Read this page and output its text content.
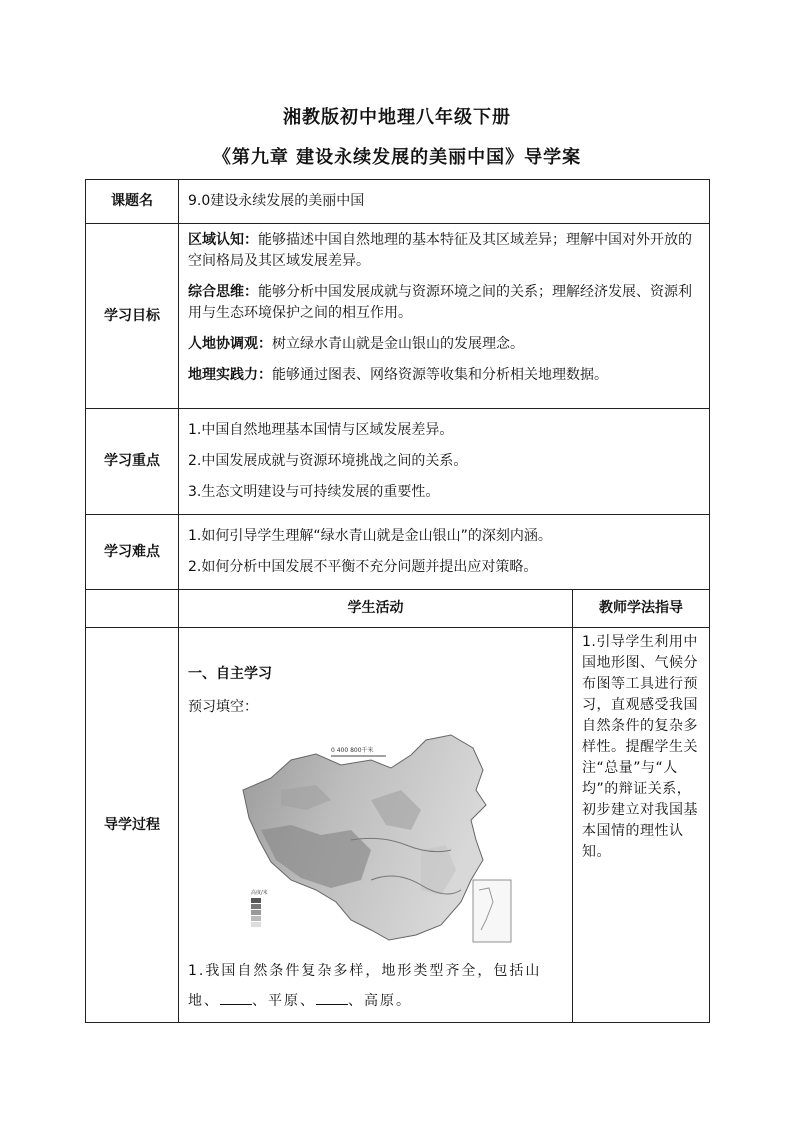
湘教版初中地理八年级下册
《第九章 建设永续发展的美丽中国》导学案
课题名	9.0建设永续发展的美丽中国	
学习目标	区域认知：能够描述中国自然地理的基本特征及其区域差异；理解中国对外开放的空间格局及其区域发展差异。
综合思维：能够分析中国发展成就与资源环境之间的关系；理解经济发展、资源利用与生态环境保护之间的相互作用。
人地协调观：树立绿水青山就是金山银山的发展理念。
地理实践力：能够通过图表、网络资源等收集和分析相关地理数据。	

学习重点	1.中国自然地理基本国情与区域发展差异。
2.中国发展成就与资源环境挑战之间的关系。
3.生态文明建设与可持续发展的重要性。	

学习难点	1.如何引导学生理解“绿水青山就是金山银山”的深刻内涵。
2.如何分析中国发展不平衡不充分问题并提出应对策略。	

	学生活动	教师学法指导
导学过程	一、自主学习
预习填空：
0 400 800千米
高度/米
1.我国自然条件复杂多样，地形类型齐全，包括山地、 、平原、 、高原。	1.引导学生利用中国地形图、气候分布图等工具进行预习，直观感受我国自然条件的复杂多样性。提醒学生关注“总量”与“人均”的辩证关系，初步建立对我国基本国情的理性认知。
